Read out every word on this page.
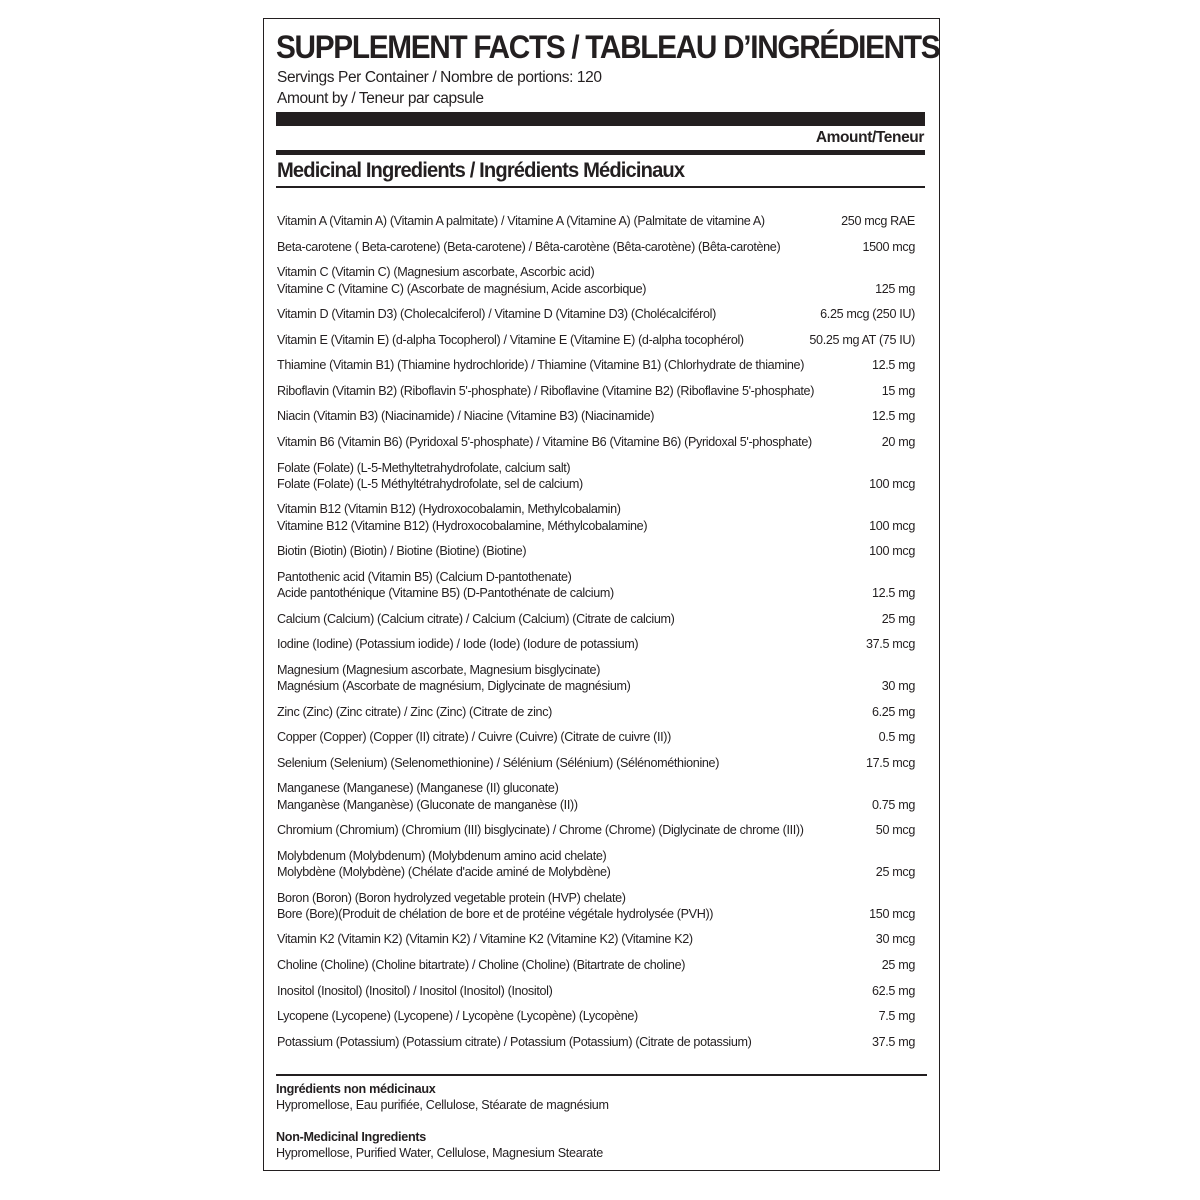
SUPPLEMENT FACTS / TABLEAU D’INGRÉDIENTS
Servings Per Container / Nombre de portions: 120
Amount by / Teneur par capsule
Amount/Teneur
Medicinal Ingredients / Ingrédients Médicinaux
Vitamin A (Vitamin A) (Vitamin A palmitate) / Vitamine A (Vitamine A) (Palmitate de vitamine A)	250 mcg RAE
Beta-carotene ( Beta-carotene) (Beta-carotene) / Bêta-carotène (Bêta-carotène) (Bêta-carotène)	1500 mcg
Vitamin C (Vitamin C) (Magnesium ascorbate, Ascorbic acid)
Vitamine C (Vitamine C) (Ascorbate de magnésium, Acide ascorbique)	125 mg
Vitamin D (Vitamin D3) (Cholecalciferol) / Vitamine D (Vitamine D3) (Cholécalciférol)	6.25 mcg (250 IU)
Vitamin E (Vitamin E) (d-alpha Tocopherol) / Vitamine E (Vitamine E) (d-alpha tocophérol)	50.25 mg AT (75 IU)
Thiamine (Vitamin B1) (Thiamine hydrochloride) / Thiamine (Vitamine B1) (Chlorhydrate de thiamine)	12.5 mg
Riboflavin (Vitamin B2) (Riboflavin 5'-phosphate) / Riboflavine (Vitamine B2) (Riboflavine 5'-phosphate)	15 mg
Niacin (Vitamin B3) (Niacinamide) / Niacine (Vitamine B3) (Niacinamide)	12.5 mg
Vitamin B6 (Vitamin B6) (Pyridoxal 5'-phosphate) / Vitamine B6 (Vitamine B6) (Pyridoxal 5'-phosphate)	20 mg
Folate (Folate) (L-5-Methyltetrahydrofolate, calcium salt)
Folate (Folate) (L-5 Méthyltétrahydrofolate, sel de calcium)	100 mcg
Vitamin B12 (Vitamin B12) (Hydroxocobalamin, Methylcobalamin)
Vitamine B12 (Vitamine B12) (Hydroxocobalamine, Méthylcobalamine)	100 mcg
Biotin (Biotin) (Biotin) / Biotine (Biotine) (Biotine)	100 mcg
Pantothenic acid (Vitamin B5) (Calcium D-pantothenate)
Acide pantothénique (Vitamine B5) (D-Pantothénate de calcium)	12.5 mg
Calcium (Calcium) (Calcium citrate) / Calcium (Calcium) (Citrate de calcium)	25 mg
Iodine (Iodine) (Potassium iodide) / Iode (Iode) (Iodure de potassium)	37.5 mcg
Magnesium (Magnesium ascorbate, Magnesium bisglycinate)
Magnésium (Ascorbate de magnésium, Diglycinate de magnésium)	30 mg
Zinc (Zinc) (Zinc citrate) / Zinc (Zinc) (Citrate de zinc)	6.25 mg
Copper (Copper) (Copper (II) citrate) / Cuivre (Cuivre) (Citrate de cuivre (II))	0.5 mg
Selenium (Selenium) (Selenomethionine) / Sélénium (Sélénium) (Sélénométhionine)	17.5 mcg
Manganese (Manganese) (Manganese (II) gluconate)
Manganèse (Manganèse) (Gluconate de manganèse (II))	0.75 mg
Chromium (Chromium) (Chromium (III) bisglycinate) / Chrome (Chrome) (Diglycinate de chrome (III))	50 mcg
Molybdenum (Molybdenum) (Molybdenum amino acid chelate)
Molybdène (Molybdène) (Chélate d'acide aminé de Molybdène)	25 mcg
Boron (Boron) (Boron hydrolyzed vegetable protein (HVP) chelate)
Bore (Bore)(Produit de chélation de bore et de protéine végétale hydrolysée (PVH))	150 mcg
Vitamin K2 (Vitamin K2) (Vitamin K2) / Vitamine K2 (Vitamine K2) (Vitamine K2)	30 mcg
Choline (Choline) (Choline bitartrate) / Choline (Choline) (Bitartrate de choline)	25 mg
Inositol (Inositol) (Inositol) / Inositol (Inositol) (Inositol)	62.5 mg
Lycopene (Lycopene) (Lycopene) / Lycopène (Lycopène) (Lycopène)	7.5 mg
Potassium (Potassium) (Potassium citrate) / Potassium (Potassium) (Citrate de potassium)	37.5 mg
Ingrédients non médicinaux
Hypromellose, Eau purifiée, Cellulose, Stéarate de magnésium
Non-Medicinal Ingredients
Hypromellose, Purified Water, Cellulose, Magnesium Stearate
